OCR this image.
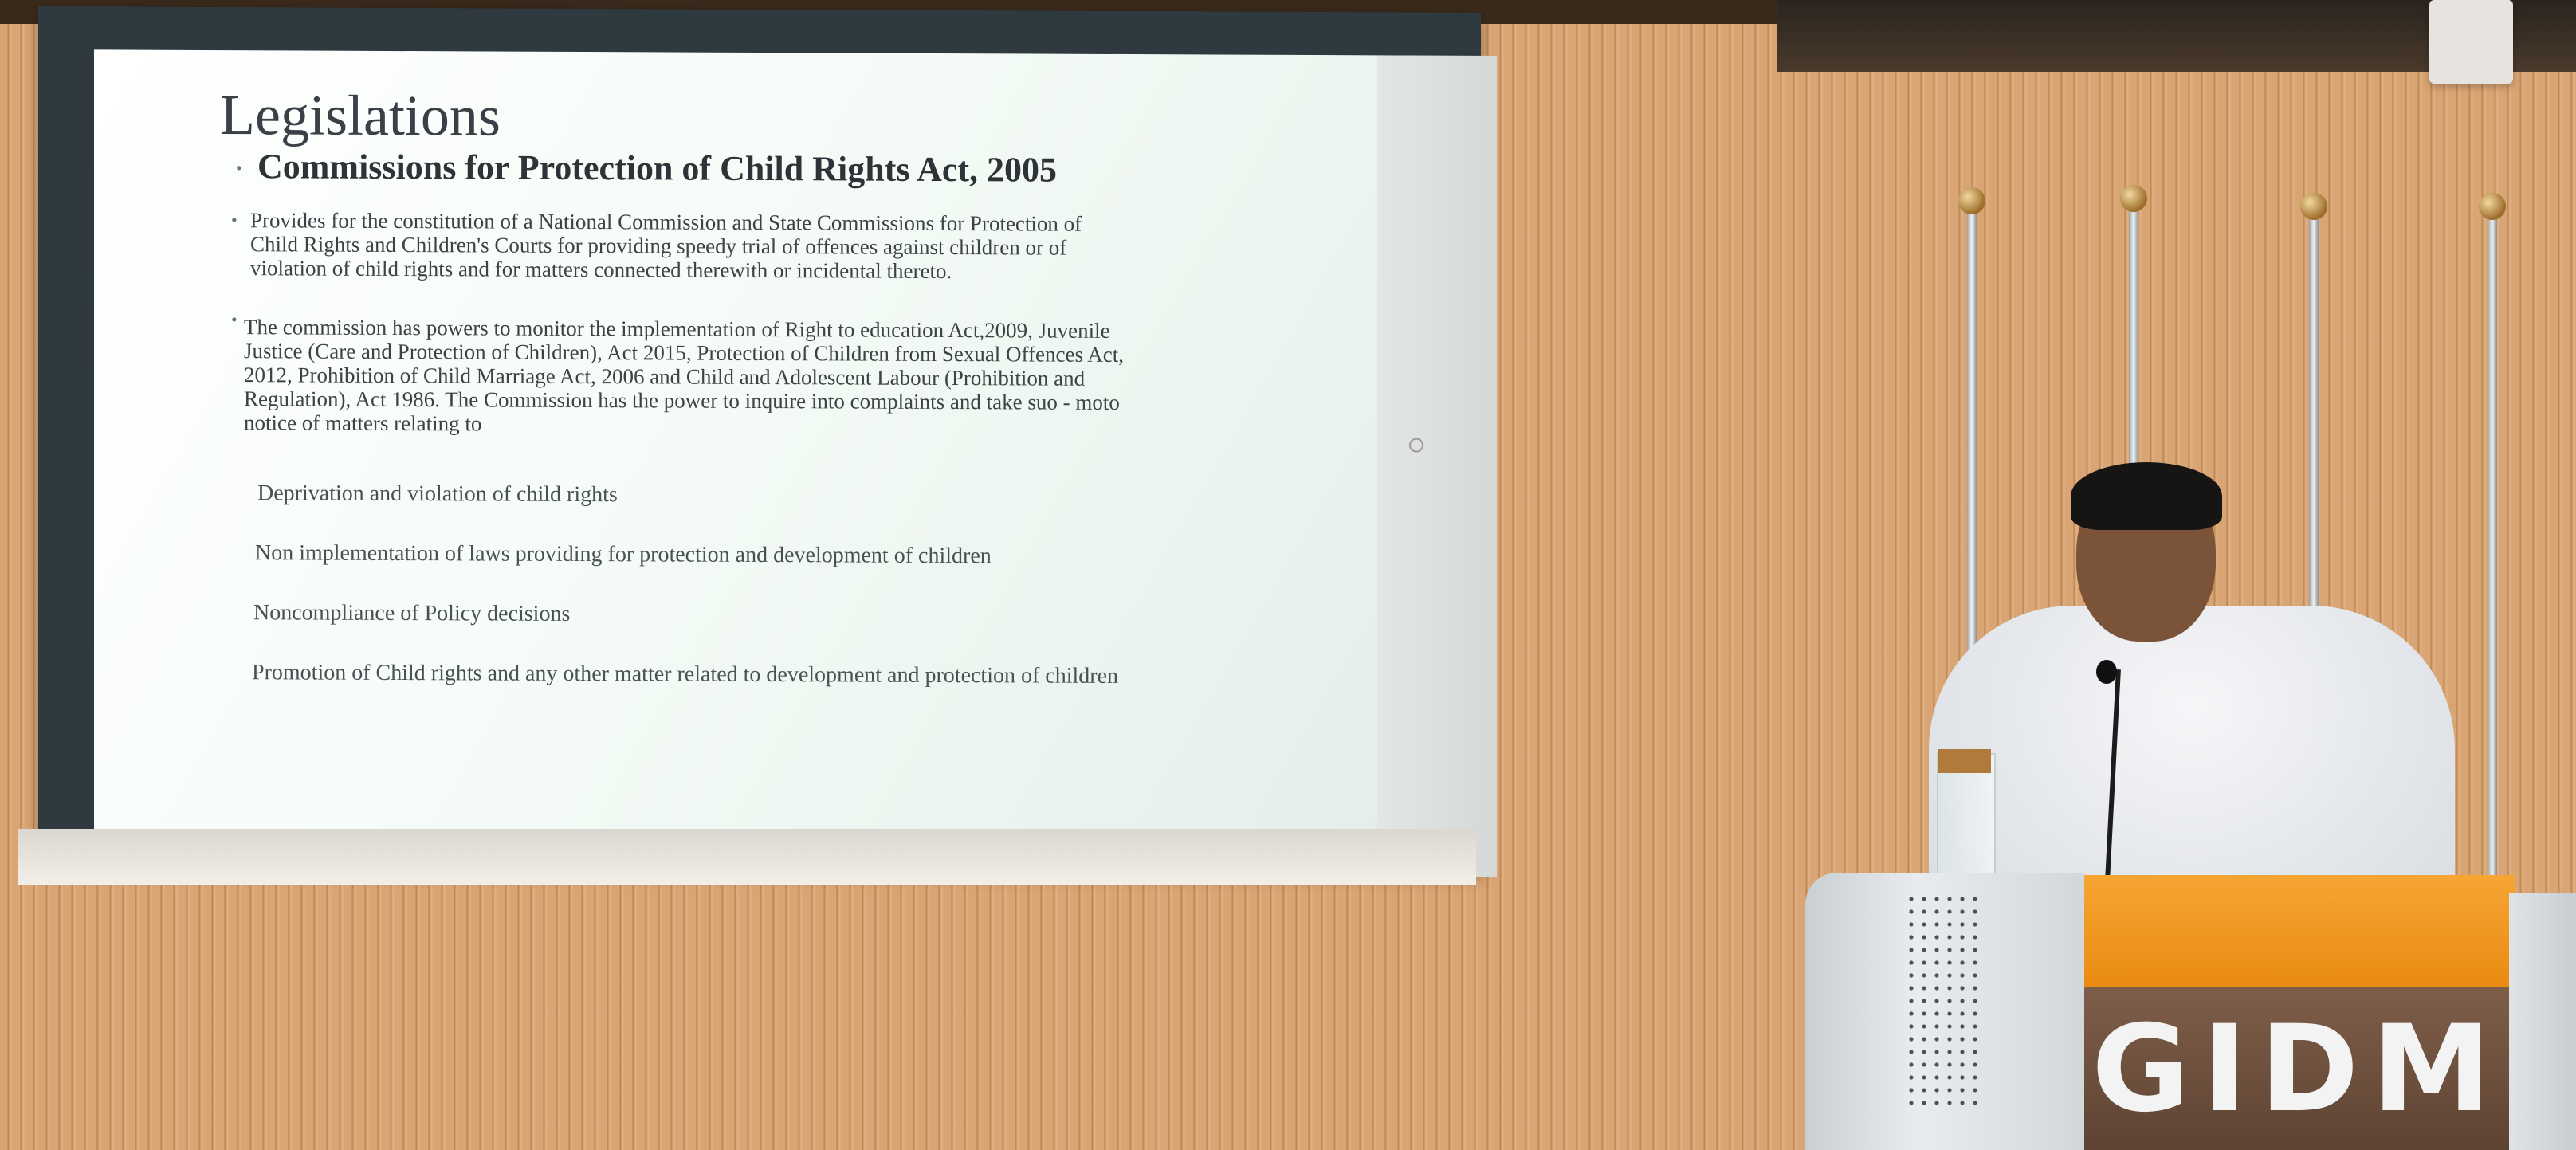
Legislations
• Commissions for Protection of Child Rights Act, 2005
• Provides for the constitution of a National Commission and State Commissions for Protection of
Child Rights and Children's Courts for providing speedy trial of offences against children or of
violation of child rights and for matters connected therewith or incidental thereto.
• The commission has powers to monitor the implementation of Right to education Act,2009, Juvenile
Justice (Care and Protection of Children), Act 2015, Protection of Children from Sexual Offences Act,
2012, Prohibition of Child Marriage Act, 2006 and Child and Adolescent Labour (Prohibition and
Regulation), Act 1986. The Commission has the power to inquire into complaints and take suo - moto
notice of matters relating to
Deprivation and violation of child rights
Non implementation of laws providing for protection and development of children
Noncompliance of Policy decisions
Promotion of Child rights and any other matter related to development and protection of children
GIDM
